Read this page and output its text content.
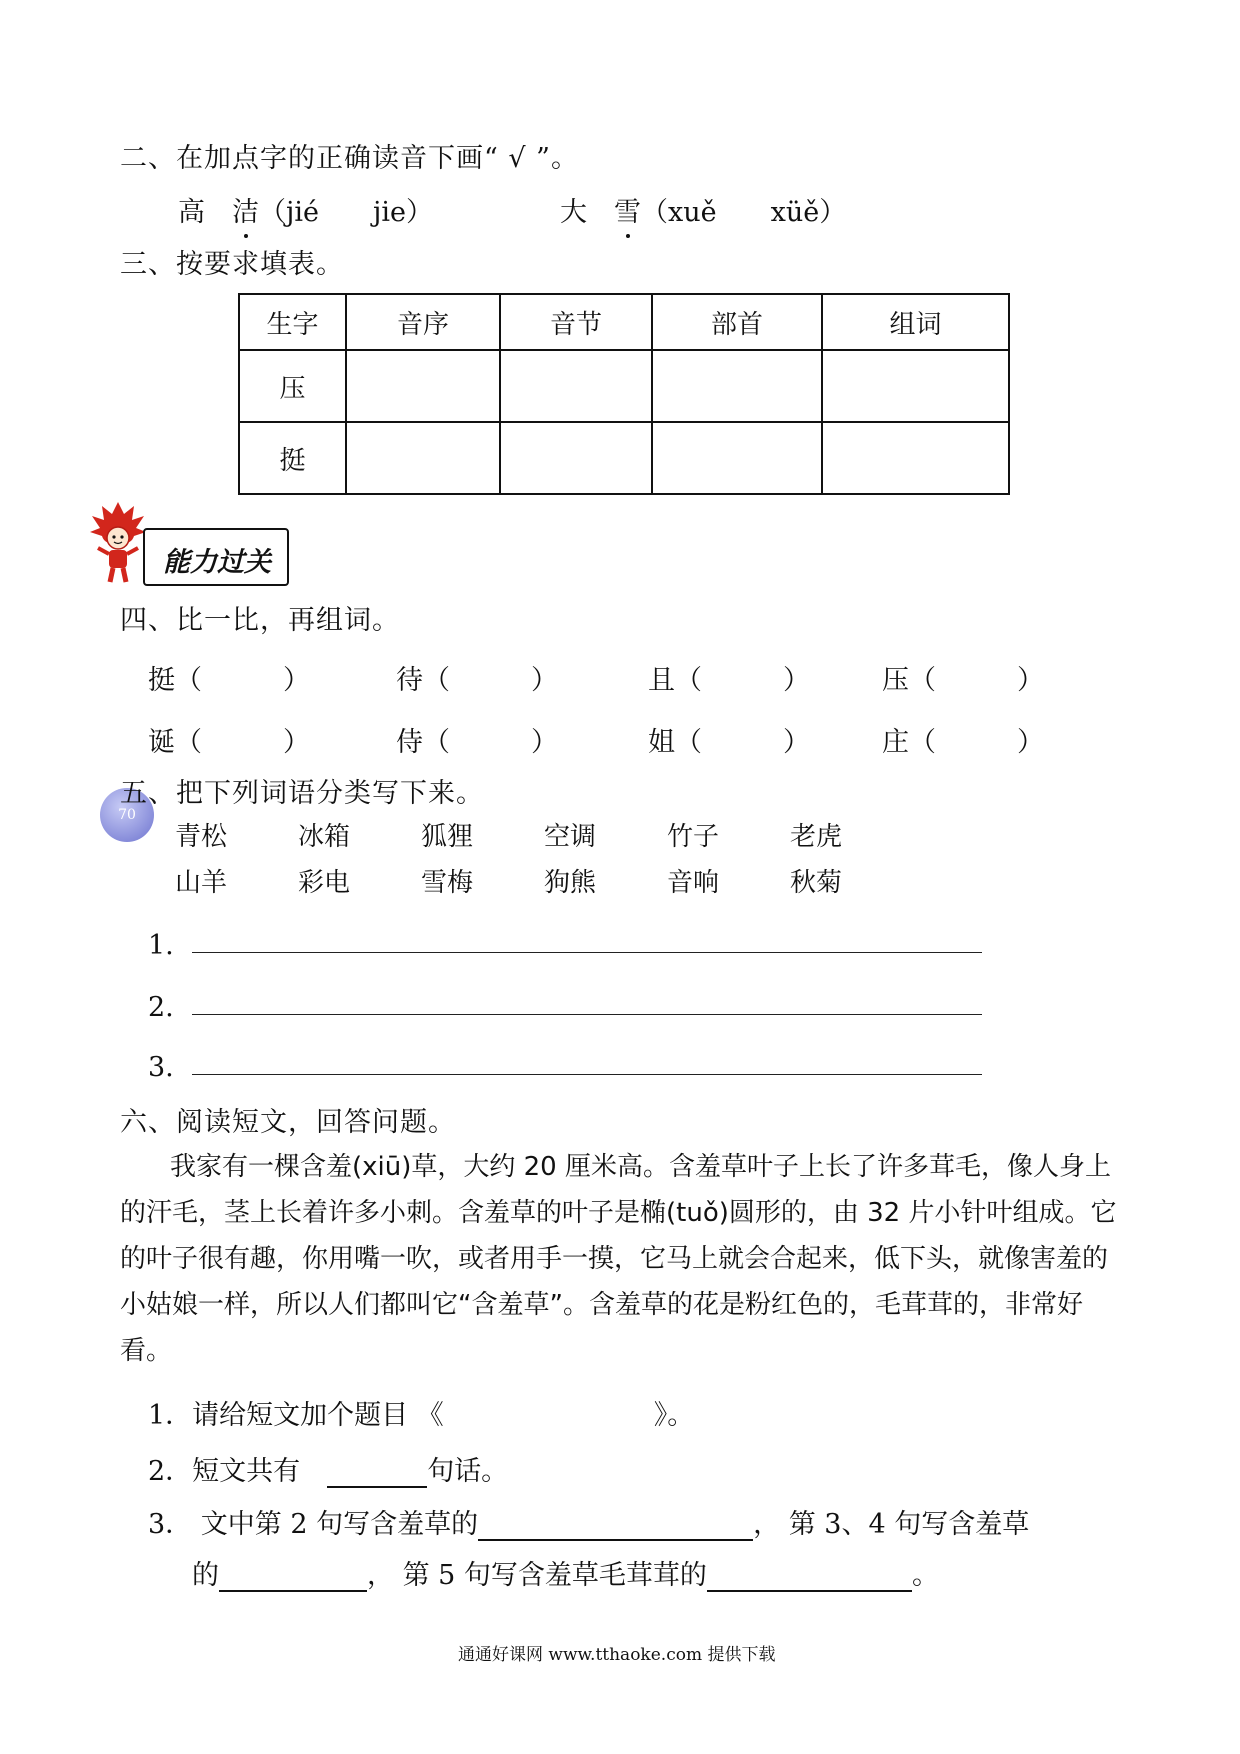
二、在加点字的正确读音下画“ √ ”。
高　 洁（jié　　jie）	大　 雪（xuě　　xüě）
三、按要求填表。
生字	音序	音节	部首	组词
压				
挺				
能力过关
四、比一比，再组词。
挺（　　　）	待（　　　）	且（　　　）	压（　　　）
诞（　　　）	侍（　　　）	姐（　　　）	庄（　　　）
70
五、把下列词语分类写下来。
青松	冰箱	狐狸	空调	竹子	老虎
山羊	彩电	雪梅	狗熊	音响	秋菊
1.
2.
3.
六、阅读短文，回答问题。
我家有一棵含羞(xiū)草，大约 20 厘米高。含羞草叶子上长了许多茸毛，像人身上
的汗毛，茎上长着许多小刺。含羞草的叶子是椭(tuǒ)圆形的，由 32 片小针叶组成。它
的叶子很有趣，你用嘴一吹，或者用手一摸，它马上就会合起来，低下头，就像害羞的
小姑娘一样，所以人们都叫它“含羞草”。含羞草的花是粉红色的，毛茸茸的，非常好
看。
1．请给短文加个题目 《	》。
2．短文共有　	句话。
3． 文中第 2 句写含羞草的	， 第 3、4 句写含羞草
的	， 第 5 句写含羞草毛茸茸的	。
通通好课网 www.tthaoke.com 提供下载
